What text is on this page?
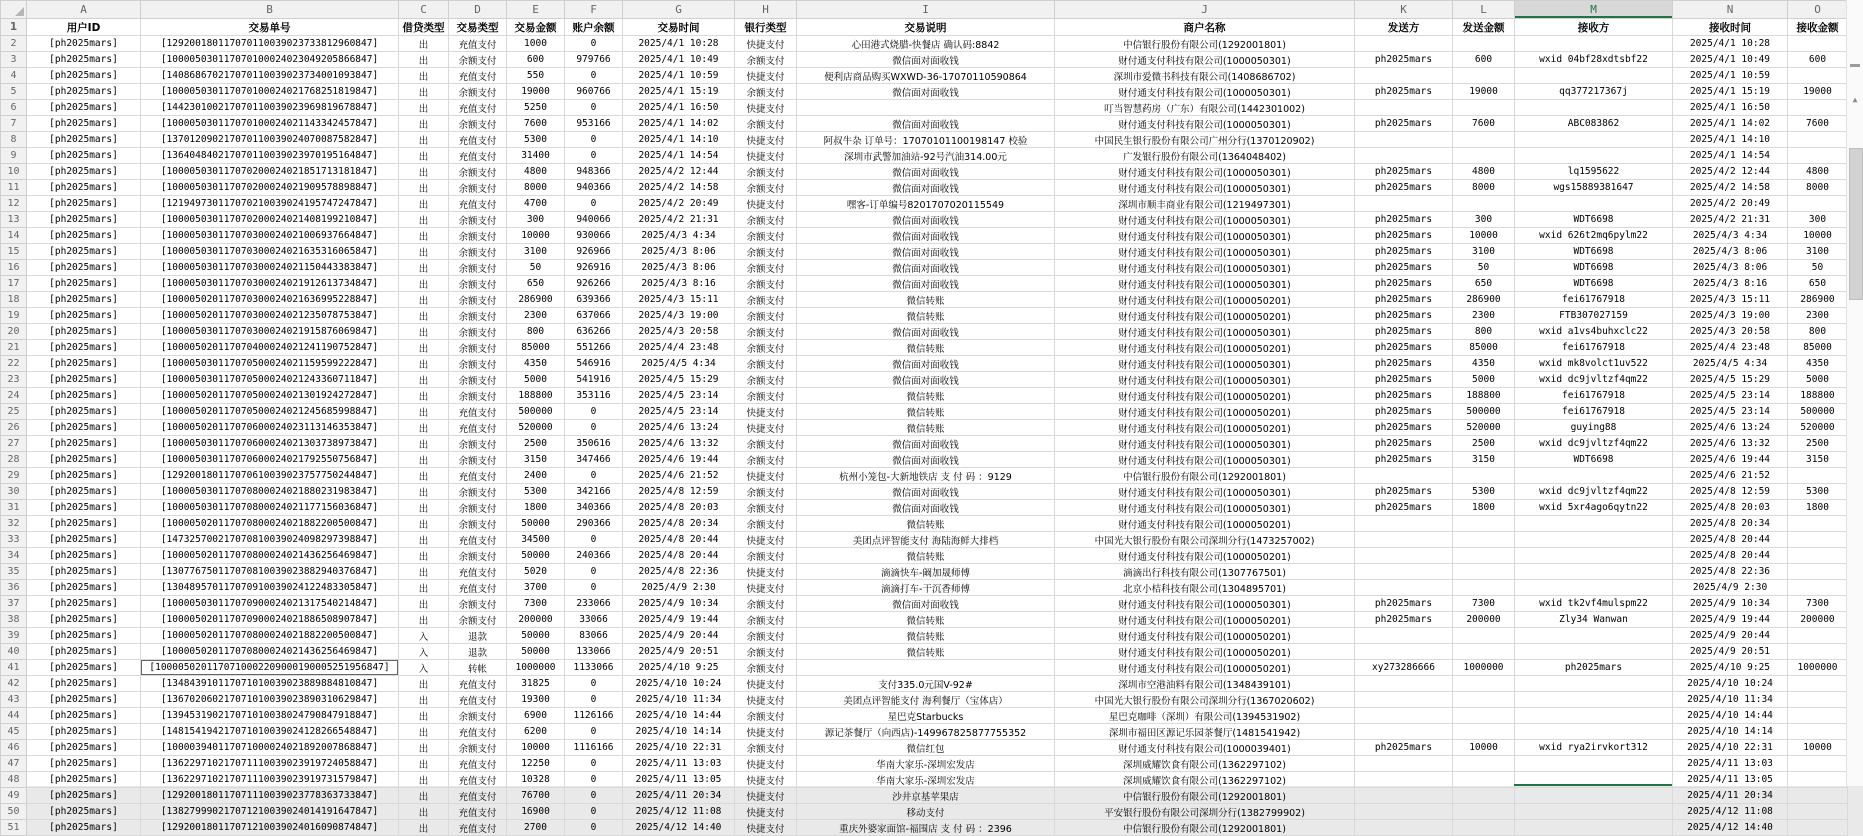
	A	B	C	D	E	F	G	H	I	J	K	L	M	N	O
1	用户ID	交易单号	借贷类型	交易类型	交易金额	账户余额	交易时间	银行类型	交易说明	商户名称	发送方	发送金额	接收方	接收时间	接收金额
2	[ph2025mars]	[129200180117070110039023733812960847]	出	充值支付	1000	0	2025/4/1 10:28	快捷支付	心田港式烧腊-快餐店 确认码:8842	中信银行股份有限公司(1292001801)				2025/4/1 10:28	
3	[ph2025mars]	[100005030117070100024023049205866847]	出	余额支付	600	979766	2025/4/1 10:49	余额支付	微信面对面收钱	财付通支付科技有限公司(1000050301)	ph2025mars	600	wxid 04bf28xdtsbf22	2025/4/1 10:49	600
4	[ph2025mars]	[140868670217070110039023734001093847]	出	充值支付	550	0	2025/4/1 10:59	快捷支付	便利店商品购买WXWD-36-17070110590864	深圳市爱微书科技有限公司(1408686702)				2025/4/1 10:59	
5	[ph2025mars]	[100005030117070100024021768251819847]	出	余额支付	19000	960766	2025/4/1 15:19	余额支付	微信面对面收钱	财付通支付科技有限公司(1000050301)	ph2025mars	19000	qq377217367j	2025/4/1 15:19	19000
6	[ph2025mars]	[144230100217070110039023969819678847]	出	充值支付	5250	0	2025/4/1 16:50	快捷支付		叮当智慧药房（广东）有限公司(1442301002)				2025/4/1 16:50	
7	[ph2025mars]	[100005030117070100024021143342457847]	出	余额支付	7600	953166	2025/4/1 14:02	余额支付	微信面对面收钱	财付通支付科技有限公司(1000050301)	ph2025mars	7600	ABC083862	2025/4/1 14:02	7600
8	[ph2025mars]	[137012090217070110039024070087582847]	出	充值支付	5300	0	2025/4/1 14:10	快捷支付	阿叔牛杂 订单号：17070101100198147 校验	中国民生银行股份有限公司广州分行(1370120902)				2025/4/1 14:10	
9	[ph2025mars]	[136404840217070110039023970195164847]	出	充值支付	31400	0	2025/4/1 14:54	快捷支付	深圳市武警加油站-92号汽油314.00元	广发银行股份有限公司(1364048402)				2025/4/1 14:54	
10	[ph2025mars]	[100005030117070200024021851713181847]	出	余额支付	4800	948366	2025/4/2 12:44	余额支付	微信面对面收钱	财付通支付科技有限公司(1000050301)	ph2025mars	4800	lq1595622	2025/4/2 12:44	4800
11	[ph2025mars]	[100005030117070200024021909578898847]	出	余额支付	8000	940366	2025/4/2 14:58	余额支付	微信面对面收钱	财付通支付科技有限公司(1000050301)	ph2025mars	8000	wgs15889381647	2025/4/2 14:58	8000
12	[ph2025mars]	[121949730117070210039024195747247847]	出	充值支付	4700	0	2025/4/2 20:49	快捷支付	嘿客-订单编号8201707020115549	深圳市顺丰商业有限公司(1219497301)				2025/4/2 20:49	
13	[ph2025mars]	[100005030117070200024021408199210847]	出	余额支付	300	940066	2025/4/2 21:31	余额支付	微信面对面收钱	财付通支付科技有限公司(1000050301)	ph2025mars	300	WDT6698	2025/4/2 21:31	300
14	[ph2025mars]	[100005030117070300024021006937664847]	出	余额支付	10000	930066	2025/4/3 4:34	余额支付	微信面对面收钱	财付通支付科技有限公司(1000050301)	ph2025mars	10000	wxid 626t2mq6pylm22	2025/4/3 4:34	10000
15	[ph2025mars]	[100005030117070300024021635316065847]	出	余额支付	3100	926966	2025/4/3 8:06	余额支付	微信面对面收钱	财付通支付科技有限公司(1000050301)	ph2025mars	3100	WDT6698	2025/4/3 8:06	3100
16	[ph2025mars]	[100005030117070300024021150443383847]	出	余额支付	50	926916	2025/4/3 8:06	余额支付	微信面对面收钱	财付通支付科技有限公司(1000050301)	ph2025mars	50	WDT6698	2025/4/3 8:06	50
17	[ph2025mars]	[100005030117070300024021912613734847]	出	余额支付	650	926266	2025/4/3 8:16	余额支付	微信面对面收钱	财付通支付科技有限公司(1000050301)	ph2025mars	650	WDT6698	2025/4/3 8:16	650
18	[ph2025mars]	[100005020117070300024021636995228847]	出	余额支付	286900	639366	2025/4/3 15:11	余额支付	微信转账	财付通支付科技有限公司(1000050201)	ph2025mars	286900	fei61767918	2025/4/3 15:11	286900
19	[ph2025mars]	[100005020117070300024021235078753847]	出	余额支付	2300	637066	2025/4/3 19:00	余额支付	微信转账	财付通支付科技有限公司(1000050201)	ph2025mars	2300	FTB307027159	2025/4/3 19:00	2300
20	[ph2025mars]	[100005030117070300024021915876069847]	出	余额支付	800	636266	2025/4/3 20:58	余额支付	微信面对面收钱	财付通支付科技有限公司(1000050301)	ph2025mars	800	wxid a1vs4buhxclc22	2025/4/3 20:58	800
21	[ph2025mars]	[100005020117070400024021241190752847]	出	余额支付	85000	551266	2025/4/4 23:48	余额支付	微信转账	财付通支付科技有限公司(1000050201)	ph2025mars	85000	fei61767918	2025/4/4 23:48	85000
22	[ph2025mars]	[100005030117070500024021159599222847]	出	余额支付	4350	546916	2025/4/5 4:34	余额支付	微信面对面收钱	财付通支付科技有限公司(1000050301)	ph2025mars	4350	wxid mk8volct1uv522	2025/4/5 4:34	4350
23	[ph2025mars]	[100005030117070500024021243360711847]	出	余额支付	5000	541916	2025/4/5 15:29	余额支付	微信面对面收钱	财付通支付科技有限公司(1000050301)	ph2025mars	5000	wxid dc9jvltzf4qm22	2025/4/5 15:29	5000
24	[ph2025mars]	[100005020117070500024021301924272847]	出	余额支付	188800	353116	2025/4/5 23:14	余额支付	微信转账	财付通支付科技有限公司(1000050201)	ph2025mars	188800	fei61767918	2025/4/5 23:14	188800
25	[ph2025mars]	[100005020117070500024021245685998847]	出	充值支付	500000	0	2025/4/5 23:14	快捷支付	微信转账	财付通支付科技有限公司(1000050201)	ph2025mars	500000	fei61767918	2025/4/5 23:14	500000
26	[ph2025mars]	[100005020117070600024023113146353847]	出	充值支付	520000	0	2025/4/6 13:24	快捷支付	微信转账	财付通支付科技有限公司(1000050201)	ph2025mars	520000	guying88	2025/4/6 13:24	520000
27	[ph2025mars]	[100005030117070600024021303738973847]	出	余额支付	2500	350616	2025/4/6 13:32	余额支付	微信面对面收钱	财付通支付科技有限公司(1000050301)	ph2025mars	2500	wxid dc9jvltzf4qm22	2025/4/6 13:32	2500
28	[ph2025mars]	[100005030117070600024021792550756847]	出	余额支付	3150	347466	2025/4/6 19:44	余额支付	微信面对面收钱	财付通支付科技有限公司(1000050301)	ph2025mars	3150	WDT6698	2025/4/6 19:44	3150
29	[ph2025mars]	[129200180117070610039023757750244847]	出	充值支付	2400	0	2025/4/6 21:52	快捷支付	杭州小笼包-大新地铁店 支 付 码 ：9129	中信银行股份有限公司(1292001801)				2025/4/6 21:52	
30	[ph2025mars]	[100005030117070800024021880231983847]	出	余额支付	5300	342166	2025/4/8 12:59	余额支付	微信面对面收钱	财付通支付科技有限公司(1000050301)	ph2025mars	5300	wxid dc9jvltzf4qm22	2025/4/8 12:59	5300
31	[ph2025mars]	[100005030117070800024021177156036847]	出	余额支付	1800	340366	2025/4/8 20:03	余额支付	微信面对面收钱	财付通支付科技有限公司(1000050301)	ph2025mars	1800	wxid 5xr4ago6qytn22	2025/4/8 20:03	1800
32	[ph2025mars]	[100005020117070800024021882200500847]	出	余额支付	50000	290366	2025/4/8 20:34	余额支付	微信转账	财付通支付科技有限公司(1000050201)				2025/4/8 20:34	
33	[ph2025mars]	[147325700217070810039024098297398847]	出	充值支付	34500	0	2025/4/8 20:44	快捷支付	美团点评智能支付 海陆海鲜大排档	中国光大银行股份有限公司深圳分行(1473257002)				2025/4/8 20:44	
34	[ph2025mars]	[100005020117070800024021436256469847]	出	余额支付	50000	240366	2025/4/8 20:44	余额支付	微信转账	财付通支付科技有限公司(1000050201)				2025/4/8 20:44	
35	[ph2025mars]	[130776750117070810039023882940376847]	出	充值支付	5020	0	2025/4/8 22:36	快捷支付	滴滴快车-阚加晟师傅	滴滴出行科技有限公司(1307767501)				2025/4/8 22:36	
36	[ph2025mars]	[130489570117070910039024122483305847]	出	充值支付	3700	0	2025/4/9 2:30	快捷支付	滴滴打车-干沉香师傅	北京小桔科技有限公司(1304895701)				2025/4/9 2:30	
37	[ph2025mars]	[100005030117070900024021317540214847]	出	余额支付	7300	233066	2025/4/9 10:34	余额支付	微信面对面收钱	财付通支付科技有限公司(1000050301)	ph2025mars	7300	wxid tk2vf4mulspm22	2025/4/9 10:34	7300
38	[ph2025mars]	[100005020117070900024021886508907847]	出	余额支付	200000	33066	2025/4/9 19:44	余额支付	微信转账	财付通支付科技有限公司(1000050201)	ph2025mars	200000	Zly34 Wanwan	2025/4/9 19:44	200000
39	[ph2025mars]	[100005020117070800024021882200500847]	入	退款	50000	83066	2025/4/9 20:44	余额支付	微信转账	财付通支付科技有限公司(1000050201)				2025/4/9 20:44	
40	[ph2025mars]	[100005020117070800024021436256469847]	入	退款	50000	133066	2025/4/9 20:51	余额支付	微信转账	财付通支付科技有限公司(1000050201)				2025/4/9 20:51	
41	[ph2025mars]	[1000050201170710002209000190005251956847]	入	转帐	1000000	1133066	2025/4/10 9:25	余额支付		财付通支付科技有限公司(1000050201)	xy273286666	1000000	ph2025mars	2025/4/10 9:25	1000000
42	[ph2025mars]	[134843910117071010039023889884810847]	出	充值支付	31825	0	2025/4/10 10:24	快捷支付	支付335.0元国V-92#	深圳市空港油料有限公司(1348439101)				2025/4/10 10:24	
43	[ph2025mars]	[136702060217071010039023890310629847]	出	充值支付	19300	0	2025/4/10 11:34	快捷支付	美团点评智能支付 海利餐厅（宝体店）	中国光大银行股份有限公司深圳分行(1367020602)				2025/4/10 11:34	
44	[ph2025mars]	[139453190217071010038024790847918847]	出	余额支付	6900	1126166	2025/4/10 14:44	余额支付	星巴克Starbucks	星巴克咖啡（深圳）有限公司(1394531902)				2025/4/10 14:44	
45	[ph2025mars]	[148154194217071010039024128266548847]	出	充值支付	6200	0	2025/4/10 14:14	快捷支付	源记茶餐厅（向西店)-149967825877755352	深圳市福田区源记乐园茶餐厅(1481541942)				2025/4/10 14:14	
46	[ph2025mars]	[100003940117071000024021892007868847]	出	余额支付	10000	1116166	2025/4/10 22:31	余额支付	微信红包	财付通支付科技有限公司(1000039401)	ph2025mars	10000	wxid rya2irvkort312	2025/4/10 22:31	10000
47	[ph2025mars]	[136229710217071110039023919724058847]	出	充值支付	12250	0	2025/4/11 13:03	快捷支付	华南大家乐-深圳宏发店	深圳威耀饮食有限公司(1362297102)				2025/4/11 13:03	
48	[ph2025mars]	[136229710217071110039023919731579847]	出	充值支付	10328	0	2025/4/11 13:05	快捷支付	华南大家乐-深圳宏发店	深圳威耀饮食有限公司(1362297102)				2025/4/11 13:05	
49	[ph2025mars]	[129200180117071110039023778363733847]	出	充值支付	76700	0	2025/4/11 20:34	快捷支付	沙井京基苹果店	中信银行股份有限公司(1292001801)				2025/4/11 20:34	
50	[ph2025mars]	[138279990217071210039024014191647847]	出	充值支付	16900	0	2025/4/12 11:08	快捷支付	移动支付	平安银行股份有限公司深圳分行(1382799902)				2025/4/12 11:08	
51	[ph2025mars]	[129200180117071210039024016090874847]	出	充值支付	2700	0	2025/4/12 14:40	快捷支付	重庆外婆家面馆-福围店 支 付 码 ：2396	中信银行股份有限公司(1292001801)				2025/4/12 14:40	
▲
